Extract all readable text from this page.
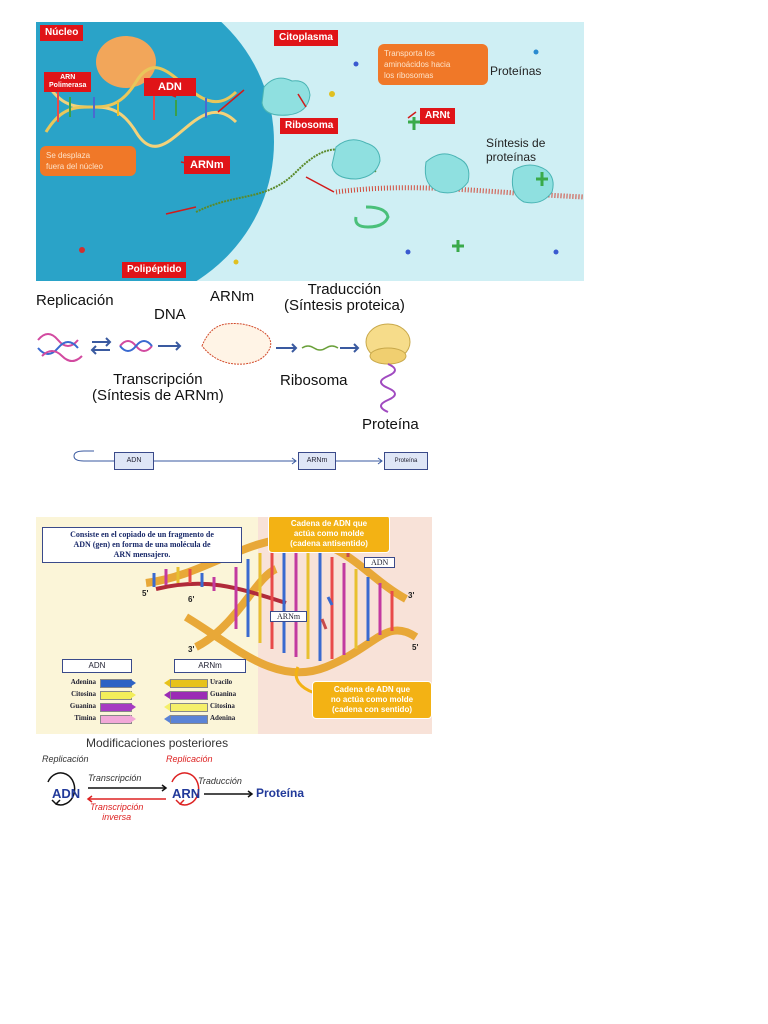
Núcleo	Citoplasma
ARN
Polimerasa	ADN
ARNm
Ribosoma
ARNt
Polipéptido
Proteínas
Síntesis de
proteínas
Transporta los
aminoácidos hacia
los ribosomas
Se desplaza
fuera del núcleo
Replicación
DNA
ARNm	Traducción
(Síntesis proteica)
Transcripción
(Síntesis de ARNm)
Ribosoma
Proteína
ADN	ARNm	Proteína
Consiste en el copiado de un fragmento de
ADN (gen) en forma de una molécula de
ARN mensajero.
Cadena de ADN que
actúa como molde
(cadena antisentido)
Cadena de ADN que
no actúa como molde
(cadena con sentido)
ADN
ARNm
5'
6'
3'
3'
5'
ADN	ARNm
Adenina	Uracilo
Citosina	Guanina
Guanina	Citosina
Timina	Adenina
Modificaciones posteriores
Replicación	Replicación
ADN	ARN	Proteína
Transcripción	Traducción
Transcripción
inversa
